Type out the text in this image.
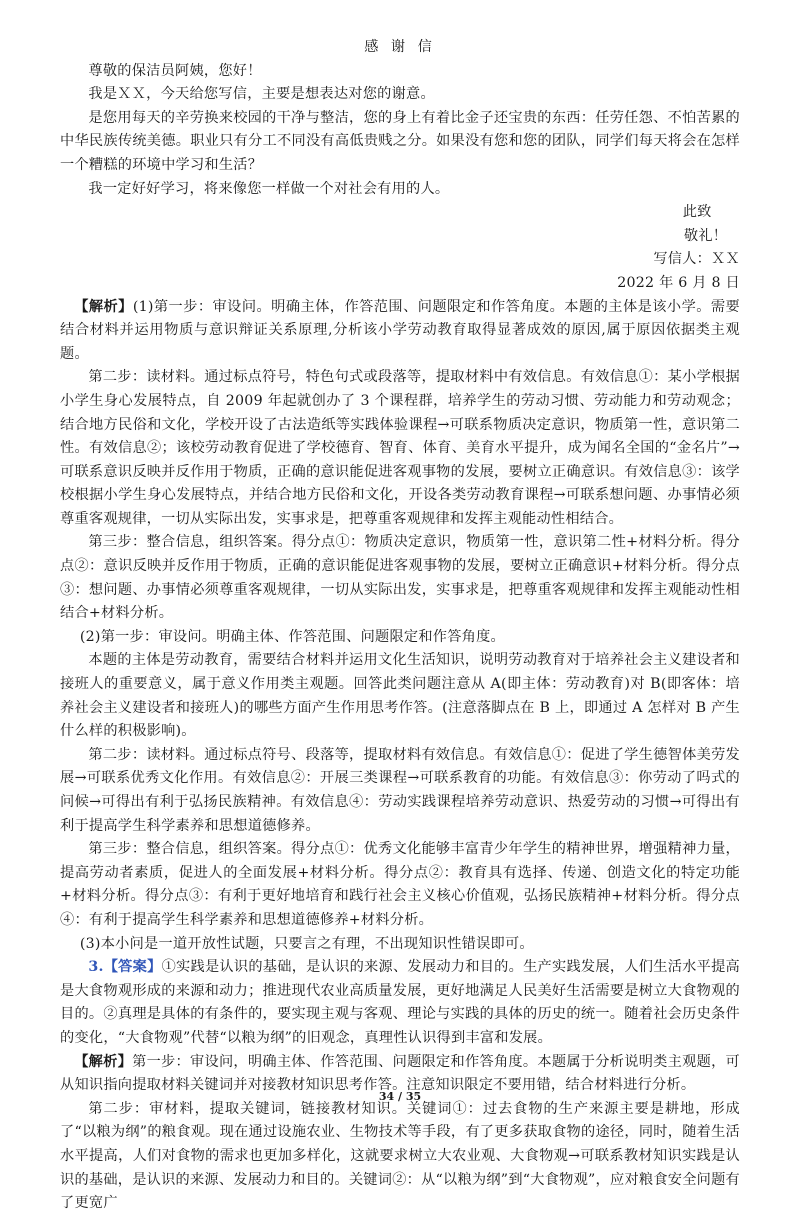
感 谢 信

尊敬的保洁员阿姨，您好！

我是ＸＸ，今天给您写信，主要是想表达对您的谢意。

是您用每天的辛劳换来校园的干净与整洁，您的身上有着比金子还宝贵的东西：任劳任怨、不怕苦累的中华民族传统美德。职业只有分工不同没有高低贵贱之分。如果没有您和您的团队，同学们每天将会在怎样一个糟糕的环境中学习和生活？

我一定好好学习，将来像您一样做一个对社会有用的人。

此致

敬礼！

写信人：ＸＸ

2022 年 6 月 8 日

【解析】(1)第一步：审设问。明确主体，作答范围、问题限定和作答角度。本题的主体是该小学。需要结合材料并运用物质与意识辩证关系原理,分析该小学劳动教育取得显著成效的原因,属于原因依据类主观题。

第二步：读材料。通过标点符号，特色句式或段落等，提取材料中有效信息。有效信息①：某小学根据小学生身心发展特点，自 2009 年起就创办了 3 个课程群，培养学生的劳动习惯、劳动能力和劳动观念；结合地方民俗和文化，学校开设了古法造纸等实践体验课程→可联系物质决定意识，物质第一性，意识第二性。有效信息②；该校劳动教育促进了学校德育、智育、体育、美育水平提升，成为闻名全国的“金名片”→可联系意识反映并反作用于物质，正确的意识能促进客观事物的发展，要树立正确意识。有效信息③：该学校根据小学生身心发展特点，并结合地方民俗和文化，开设各类劳动教育课程→可联系想问题、办事情必须尊重客观规律，一切从实际出发，实事求是，把尊重客观规律和发挥主观能动性相结合。

第三步：整合信息，组织答案。得分点①：物质决定意识，物质第一性，意识第二性+材料分析。得分点②：意识反映并反作用于物质，正确的意识能促进客观事物的发展，要树立正确意识+材料分析。得分点③：想问题、办事情必须尊重客观规律，一切从实际出发，实事求是，把尊重客观规律和发挥主观能动性相结合+材料分析。

(2)第一步：审设问。明确主体、作答范围、问题限定和作答角度。

本题的主体是劳动教育，需要结合材料并运用文化生活知识，说明劳动教育对于培养社会主义建设者和接班人的重要意义，属于意义作用类主观题。回答此类问题注意从 A(即主体：劳动教育)对 B(即客体：培养社会主义建设者和接班人)的哪些方面产生作用思考作答。(注意落脚点在 B 上，即通过 A 怎样对 B 产生什么样的积极影响)。

第二步：读材料。通过标点符号、段落等，提取材料有效信息。有效信息①：促进了学生德智体美劳发展→可联系优秀文化作用。有效信息②：开展三类课程→可联系教育的功能。有效信息③：你劳动了吗式的问候→可得出有利于弘扬民族精神。有效信息④：劳动实践课程培养劳动意识、热爱劳动的习惯→可得出有利于提高学生科学素养和思想道德修养。

第三步：整合信息，组织答案。得分点①：优秀文化能够丰富青少年学生的精神世界，增强精神力量，提高劳动者素质，促进人的全面发展+材料分析。得分点②：教育具有选择、传递、创造文化的特定功能+材料分析。得分点③：有利于更好地培育和践行社会主义核心价值观，弘扬民族精神+材料分析。得分点④：有利于提高学生科学素养和思想道德修养+材料分析。

(3)本小问是一道开放性试题，只要言之有理，不出现知识性错误即可。

3.【答案】①实践是认识的基础，是认识的来源、发展动力和目的。生产实践发展，人们生活水平提高是大食物观形成的来源和动力；推进现代农业高质量发展，更好地满足人民美好生活需要是树立大食物观的目的。②真理是具体的有条件的，要实现主观与客观、理论与实践的具体的历史的统一。随着社会历史条件的变化，“大食物观”代替“以粮为纲”的旧观念，真理性认识得到丰富和发展。

【解析】第一步：审设问，明确主体、作答范围、问题限定和作答角度。本题属于分析说明类主观题，可从知识指向提取材料关键词并对接教材知识思考作答。注意知识限定不要用错，结合材料进行分析。

第二步：审材料，提取关键词，链接教材知识。关键词①：过去食物的生产来源主要是耕地，形成了“以粮为纲”的粮食观。现在通过设施农业、生物技术等手段，有了更多获取食物的途径，同时，随着生活水平提高，人们对食物的需求也更加多样化，这就要求树立大农业观、大食物观→可联系教材知识实践是认识的基础，是认识的来源、发展动力和目的。关键词②：从“以粮为纲”到“大食物观”，应对粮食安全问题有了更宽广

34 / 35
